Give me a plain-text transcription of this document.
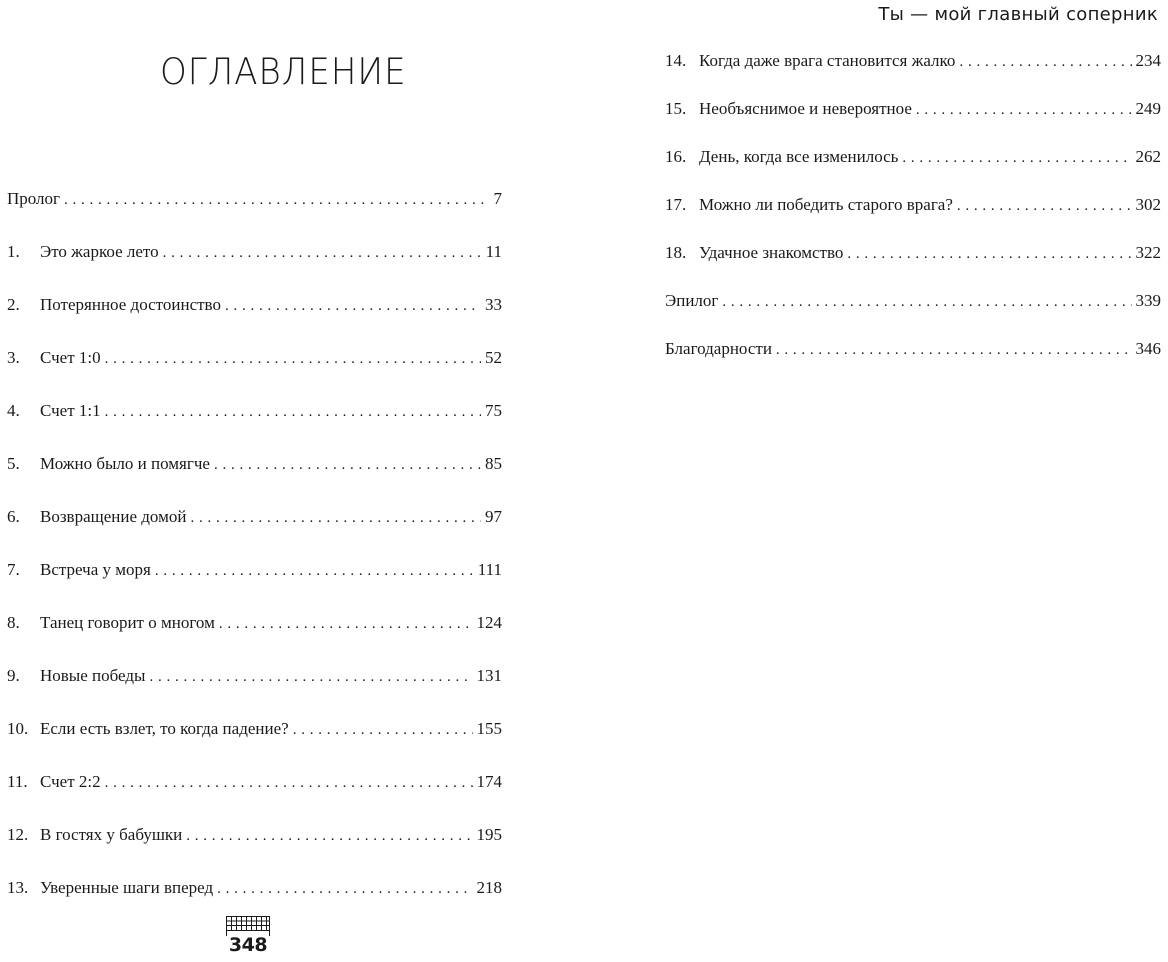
Ты — мой главный соперник
ОГЛАВЛЕНИЕ
Пролог . . .	7
1.	Это жаркое лето . . .	11
2.	Потерянное достоинство . . .	33
3.	Счет 1:0 . . .	52
4.	Счет 1:1 . . .	75
5.	Можно было и помягче . . .	85
6.	Возвращение домой . . .	97
7.	Встреча у моря . . .	111
8.	Танец говорит о многом . . .	124
9.	Новые победы . . .	131
10. Если есть взлет, то когда падение? . . .	155
11. Счет 2:2 . . .	174
12. В гостях у бабушки . . .	195
13. Уверенные шаги вперед . . .	218
14. Когда даже врага становится жалко . . .	234
15. Необъяснимое и невероятное . . .	249
16. День, когда все изменилось . . .	262
17. Можно ли победить старого врага? . . .	302
18. Удачное знакомство . . .	322
Эпилог . . .	339
Благодарности . . .	346
348
